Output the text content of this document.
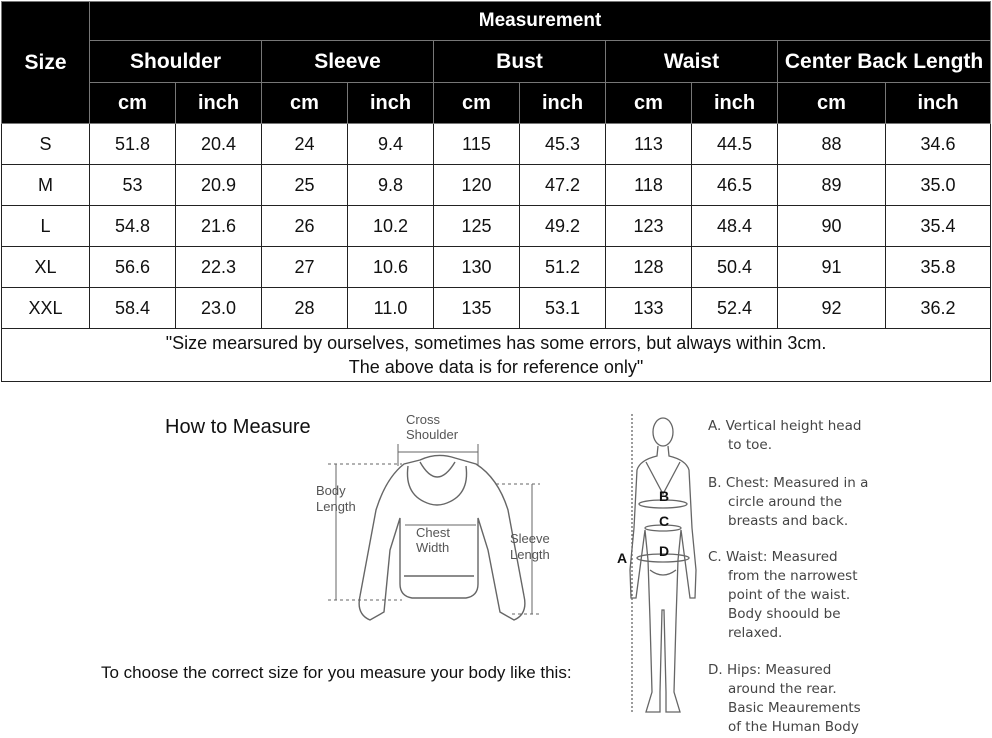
Size	Measurement									
	Shoulder		Sleeve		Bust		Waist		Center Back Length	
	cm	inch	cm	inch	cm	inch	cm	inch	cm	inch
S	51.8	20.4	24	9.4	115	45.3	113	44.5	88	34.6
M	53	20.9	25	9.8	120	47.2	118	46.5	89	35.0
L	54.8	21.6	26	10.2	125	49.2	123	48.4	90	35.4
XL	56.6	22.3	27	10.6	130	51.2	128	50.4	91	35.8
XXL	58.4	23.0	28	11.0	135	53.1	133	52.4	92	36.2

"Size mearsured by ourselves, sometimes has some errors, but always within 3cm.
The above data is for reference only"										
How to Measure
To choose the correct size for you measure your body like this:
Cross
Shoulder
Body
Length
Chest
Width
Sleeve
Length	A
B
C
D
A. Vertical height head
to toe.
B. Chest: Measured in a
circle around the
breasts and back.
C. Waist: Measured
from the narrowest
point of the waist.
Body shoould be
relaxed.
D. Hips: Measured
around the rear.
Basic Meaurements
of the Human Body
